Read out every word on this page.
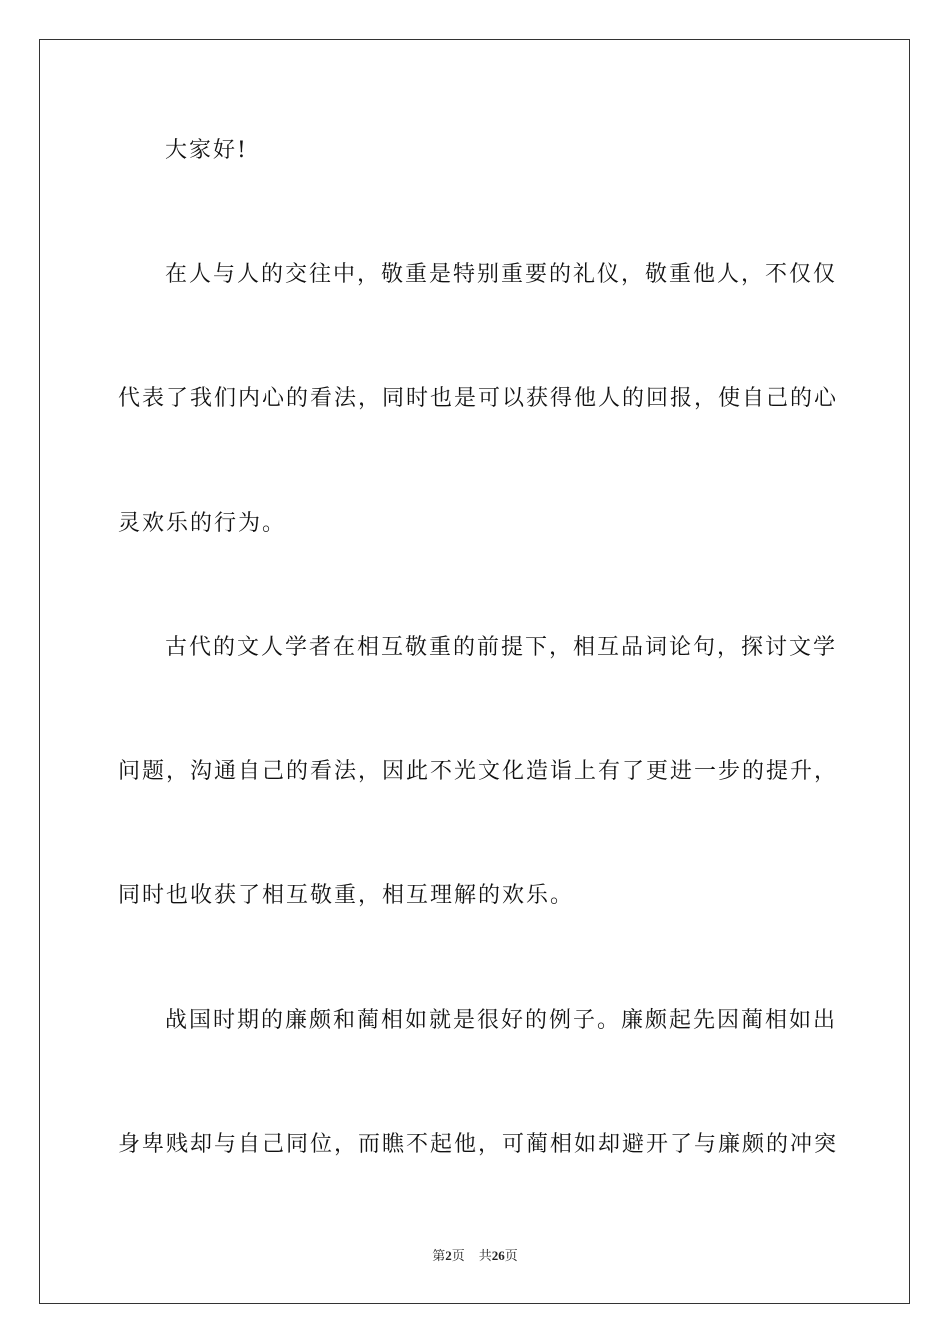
大家好!
在人与人的交往中，敬重是特别重要的礼仪，敬重他人，不仅仅
代表了我们内心的看法，同时也是可以获得他人的回报，使自己的心
灵欢乐的行为。
古代的文人学者在相互敬重的前提下，相互品词论句，探讨文学
问题，沟通自己的看法，因此不光文化造诣上有了更进一步的提升，
同时也收获了相互敬重，相互理解的欢乐。
战国时期的廉颇和蔺相如就是很好的例子。廉颇起先因蔺相如出
身卑贱却与自己同位，而瞧不起他，可蔺相如却避开了与廉颇的冲突
第2页 共26页
